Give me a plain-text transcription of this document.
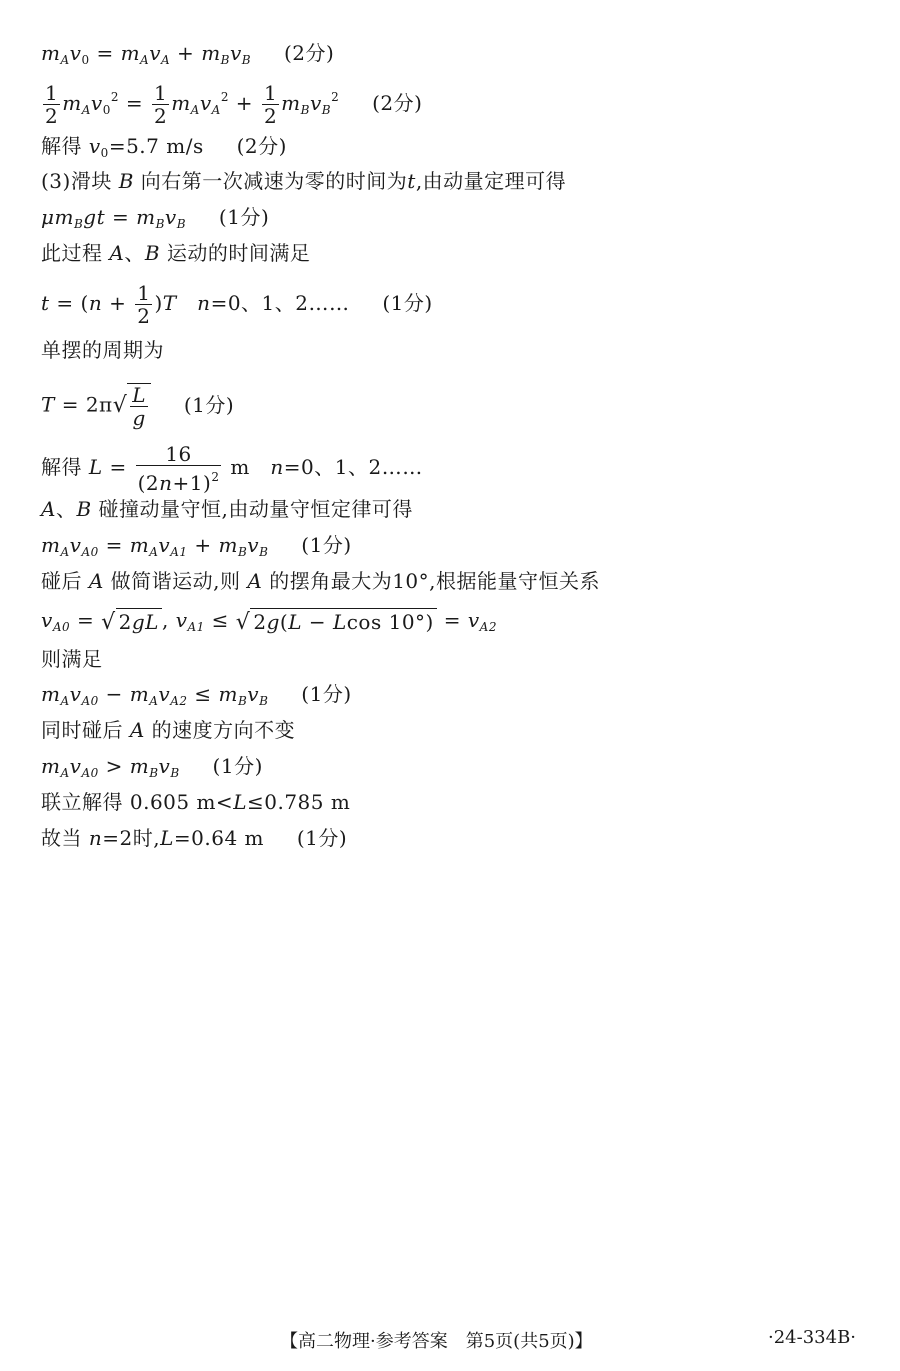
$m_Av_0 = m_Av_A + m_Bv_B$ (2分)
$\frac{1}{2} m_Av_0^2 = \frac{1}{2} m_Av_A^2 + \frac{1}{2} m_Bv_B^2$ (2分)
解得 $v_0=5.7$ m/s (2分)
(3)滑块 B 向右第一次减速为零的时间为t,由动量定理可得
$\mu m_Bgt = m_Bv_B$ (1分)
此过程 A、B 运动的时间满足
$t = (n + \frac{1}{2} )T$ n=0、1、2…… (1分)
单摆的周期为
$T = 2\pi√ \frac{L}{g} (1$分)
解得 $L = \frac{16}{(2n+1)^2}$ m n=0、1、2……
A、B 碰撞动量守恒,由动量守恒定律可得
$m_Av_{A0} = m_Av_{A1} + m_Bv_B$ (1分)
碰后 A 做简谐运动,则 A 的摆角最大为10°,根据能量守恒关系
$v_{A0}$ = √ 2gL , $v_{A1}$ ≤ √ 2g(L − Lcos $10^\circ) = v_{A2}$
则满足
$m_Av_{A0} - m_Av_{A2} \le m_Bv_B$ (1分)
同时碰后 A 的速度方向不变
$m_Av_{A0} > m_Bv_B$ (1分)
联立解得 0.605 m<L≤0.785 m
故当 n=2时,L=0.64 m (1分)
【高二物理·参考答案　第5页(共5页)】	·24-334B·
